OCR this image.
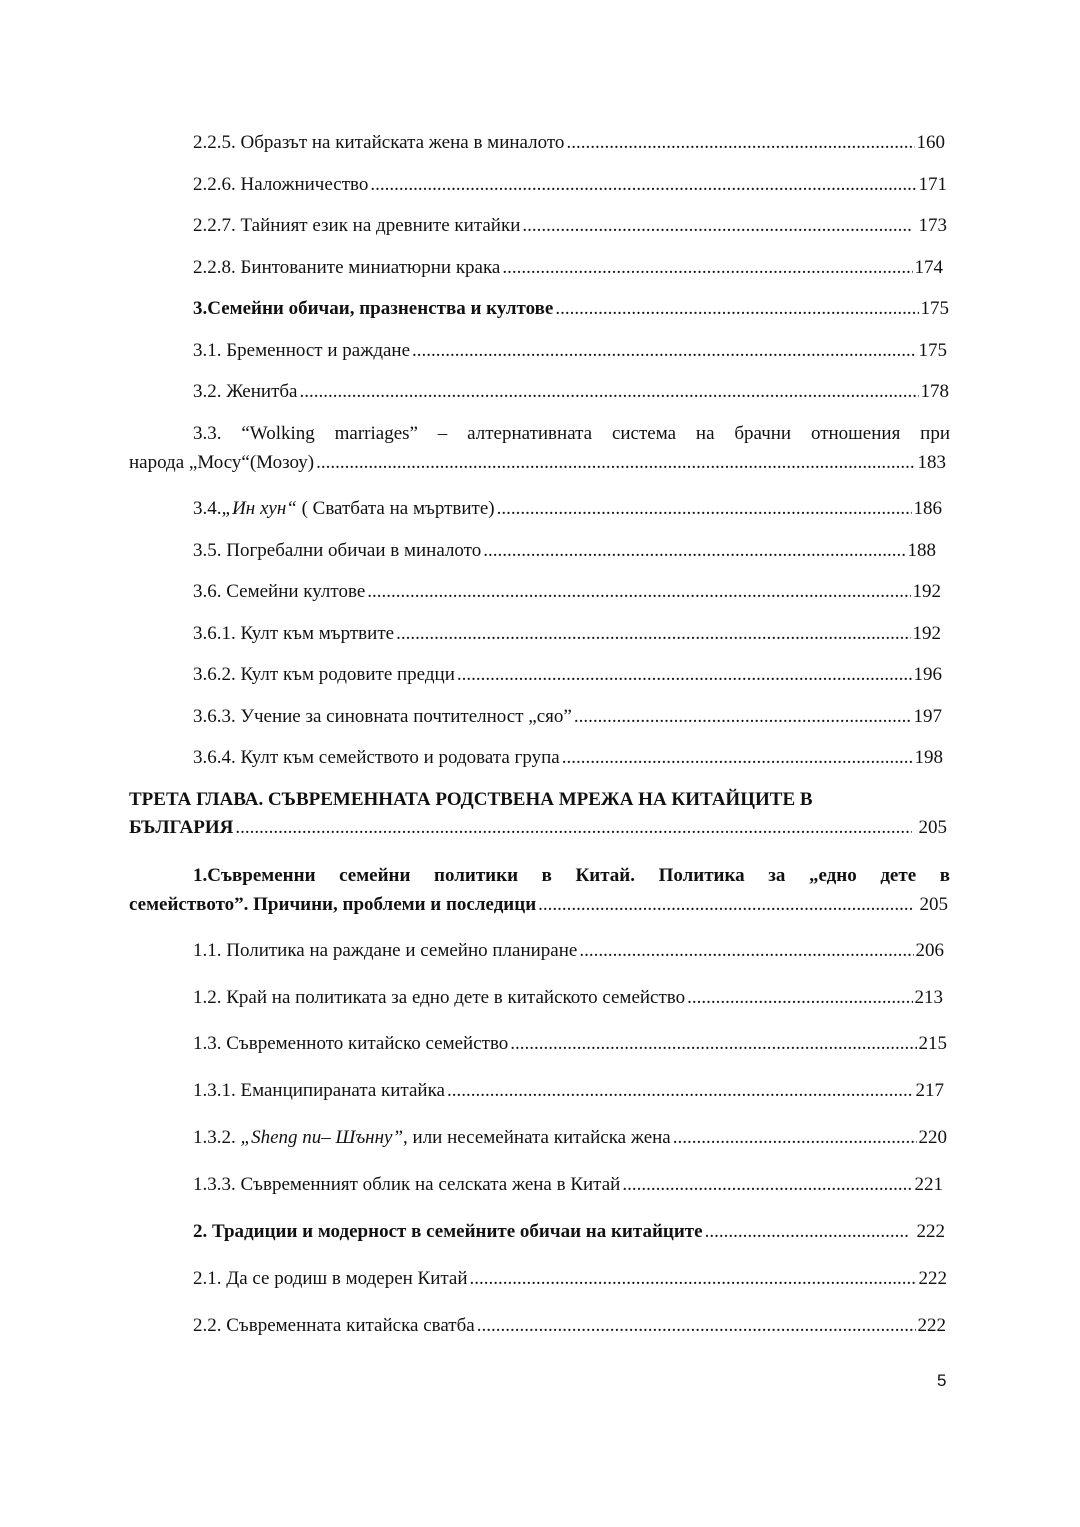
2.2.5. Образът на китайската жена в миналото .....	160
2.2.6. Наложничество .....	171
2.2.7. Тайният език на древните китайки .....	173
2.2.8. Бинтованите миниатюрни крака .....	174
3.Семейни обичаи, празненства и култове .....	175
3.1. Бременност и раждане .....	175
3.2. Женитба .....	178
3.3. “Wolking marriages” – алтернативната система на брачни отношения при
народа „Мосу“(Мозоу) .....	183
3.4.„Ин хун“ ( Сватбата на мъртвите) .....	186
3.5. Погребални обичаи в миналото .....	188
3.6. Семейни култове .....	192
3.6.1. Култ към мъртвите .....	192
3.6.2. Култ към родовите предци .....	196
3.6.3. Учение за синовната почтителност „сяо” .....	197
3.6.4. Култ към семейството и родовата група .....	198
ТРЕТА ГЛАВА. СЪВРЕМЕННАТА РОДСТВЕНА МРЕЖА НА КИТАЙЦИТЕ В
БЪЛГАРИЯ .....	205
1.Съвременни семейни политики в Китай. Политика за „едно дете в
семейството”. Причини, проблеми и последици .....	205
1.1. Политика на раждане и семейно планиране .....	206
1.2. Край на политиката за едно дете в китайското семейство .....	213
1.3. Съвременното китайско семейство .....	215
1.3.1. Еманципираната китайка .....	217
1.3.2. „Sheng nu– Шънну”, или несемейната китайска жена .....	220
1.3.3. Съвременният облик на селската жена в Китай .....	221
2. Традиции и модерност в семейните обичаи на китайците .....	222
2.1. Да се родиш в модерен Китай .....	222
2.2. Съвременната китайска сватба .....	222
5
